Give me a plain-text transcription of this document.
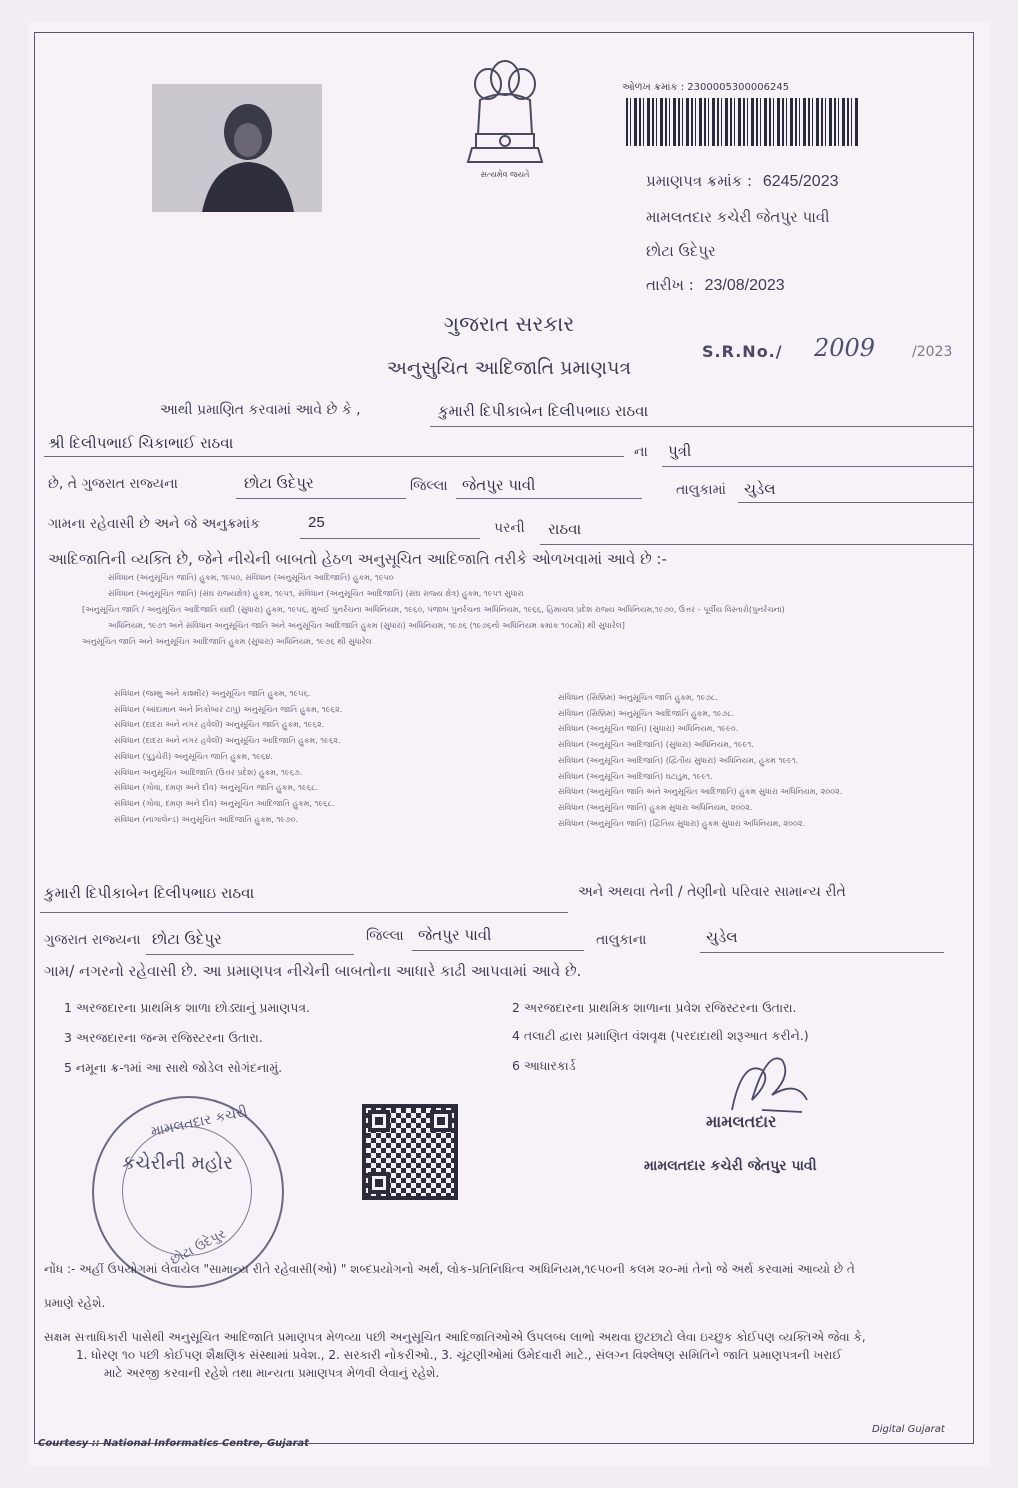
સત્યમેવ જયતે
ઓળખ ક્રમાંક : 2300005300006245
પ્રમાણપત્ર ક્રમાંક : 6245/2023
મામલતદાર કચેરી જેતપુર પાવી
છોટા ઉદેપુર
તારીખ : 23/08/2023
ગુજરાત સરકાર
અનુસુચિત આદિજાતિ પ્રમાણપત્ર
S.R.No./ 2009	/2023
આથી પ્રમાણિત કરવામાં આવે છે કે ,	કુમારી દિપીકાબેન દિલીપભાઇ રાઠવા
શ્રી દિલીપભાઈ ચિકાભાઈ રાઠવા	ના પુત્રી
છે, તે ગુજરાત રાજ્યના	છોટા ઉદેપુર	જિલ્લા જેતપુર પાવી	તાલુકામાં ચુડેલ
ગામના રહેવાસી છે અને જે અનુક્રમાંક	25	પરની રાઠવા
આદિજાતિની વ્યક્તિ છે, જેને નીચેની બાબતો હેઠળ અનુસૂચિત આદિજાતિ તરીકે ઓળખવામાં આવે છે :-
સંવિધાન (અનુસૂચિત જાતિ) હુકમ, ૧૯૫૦, સંવિધાન (અનુસૂચિત આદિજાતિ) હુકમ, ૧૯૫૦
સંવિધાન (અનુસૂચિત જાતિ) (સંઘ રાજ્યક્ષેત્ર) હુકમ, ૧૯૫૧, સંવિધાન (અનુસૂચિત આદિજાતિ) (સંઘ રાજ્ય ક્ષેત્ર) હુકમ, ૧૯૫૧ સુધારા
[અનુસૂચિત જાતિ / અનુસૂચિત આદિજાતિ યાદી (સુધારા) હુકમ, ૧૯૫૬, મુંબઈ પુનર્રચના અધિનિયમ, ૧૯૬૦, પંજાબ પુનર્રચના અધિનિયમ, ૧૯૬૬, હિમાચલ પ્રદેશ રાજ્ય અધિનિયમ,૧૯૭૦, ઉત્તર - પૂર્વીય વિસ્તારો(પુનર્રચના)
અધિનિયમ, ૧૯૭૧ અને સંવિધાન અનુસૂચિત જાતિ અને અનુસૂચિત આદિજાતિ હુકમ (સુધારા) અધિનિયમ, ૧૯૭૬ (૧૯૭૬નો અધિનિયમ ક્રમાંક ૧૦૮મો) થી સુધારેલ]
અનુસૂચિત જાતિ અને અનુસૂચિત આદિજાતિ હુકમ (સુધારા) અધિનિયમ, ૧૯૭૬ થી સુધારેલ
સંવિધાન (જમ્મુ અને કાશ્મીર) અનુસૂચિત જાતિ હુકમ, ૧૯૫૬.
સંવિધાન (આંદામાન અને નિકોબાર ટાપુ) અનુસૂચિત જાતિ હુકમ, ૧૯૬૨.
સંવિધાન (દાદરા અને નગર હવેલી) અનુસૂચિત જાતિ હુકમ, ૧૯૬૨.
સંવિધાન (દાદરા અને નગર હવેલી) અનુસૂચિત આદિજાતિ હુકમ, ૧૯૬૨.
સંવિધાન (પુડુચેરી) અનુસૂચિત જાતિ હુકમ, ૧૯૬૪.
સંવિધાન અનુસૂચિત આદિજાતિ (ઉત્તર પ્રદેશ) હુકમ, ૧૯૬૭.
સંવિધાન (ગોવા, દમણ અને દીવ) અનુસૂચિત જાતિ હુકમ, ૧૯૬૮.
સંવિધાન (ગોવા, દમણ અને દીવ) અનુસૂચિત આદિજાતિ હુકમ, ૧૯૬૮.
સંવિધાન (નાગાલેન્ડ) અનુસૂચિત આદિજાતિ હુકમ, ૧૯૭૦.
સંવિધાન (સિક્કિમ) અનુસૂચિત જાતિ હુકમ, ૧૯૭૮.
સંવિધાન (સિક્કિમ) અનુસૂચિત આદિજાતિ હુકમ, ૧૯૭૮.
સંવિધાન (અનુસૂચિત જાતિ) (સુધારા) અધિનિયમ, ૧૯૯૦.
સંવિધાન (અનુસૂચિત આદિજાતિ) (સુધારા) અધિનિયમ, ૧૯૯૧.
સંવિધાન (અનુસૂચિત આદિજાતિ) (દ્વિતીય સુધારા) અધિનિયમ, હુકમ ૧૯૯૧.
સંવિધાન (અનુસૂચિત આદિજાતિ) ઘટાડુમ, ૧૯૯૧.
સંવિધાન (અનુસૂચિત જાતિ અને અનુસૂચિત આદિજાતિ) હુકમ સુધારા અધિનિયમ, ૨૦૦૨.
સંવિધાન (અનુસૂચિત જાતિ) હુકમ સુધારા અધિનિયમ, ૨૦૦૨.
સંવિધાન (અનુસૂચિત જાતિ) (દ્વિતિય સુધારા) હુકમ સુધારા અધિનિયમ, ૨૦૦૨.
કુમારી દિપીકાબેન દિલીપભાઇ રાઠવા	અને અથવા તેની / તેણીનો પરિવાર સામાન્ય રીતે
ગુજરાત રાજ્યના છોટા ઉદેપુર	જિલ્લા જેતપુર પાવી	તાલુકાના	ચુડેલ
ગામ/ નગરનો રહેવાસી છે. આ પ્રમાણપત્ર નીચેની બાબતોના આધારે કાઢી આપવામાં આવે છે.
1 અરજદારના પ્રાથમિક શાળા છોડ્યાનું પ્રમાણપત્ર.	2 અરજદારના પ્રાથમિક શાળાના પ્રવેશ રજિસ્ટરના ઉતારા.
3 અરજદારના જન્મ રજિસ્ટરના ઉતારા.	4 તલાટી દ્વારા પ્રમાણિત વંશવૃક્ષ (પરદાદાથી શરૂઆત કરીને.)
5 નમૂના ક્ર-૧માં આ સાથે જોડેલ સોગંદનામું.	6 આધારકાર્ડ
મામલતદાર કચેરી
કચેરીની મહોર
છોટા ઉદેપુર
મામલતદાર
મામલતદાર કચેરી જેતપુર પાવી
નોંધ :- અહીં ઉપયોગમાં લેવાયેલ "સામાન્ય રીતે રહેવાસી(ઓ) " શબ્દપ્રયોગનો અર્થ, લોક-પ્રતિનિધિત્વ અધિનિયમ,૧૯૫૦ની કલમ ૨૦-માં તેનો જે અર્થ કરવામાં આવ્યો છે તે
પ્રમાણે રહેશે.
સક્ષમ સત્તાધિકારી પાસેથી અનુસૂચિત આદિજાતિ પ્રમાણપત્ર મેળવ્યા પછી અનુસૂચિત આદિજાતિઓએ ઉપલબ્ધ લાભો અથવા છુટછાટો લેવા ઇચ્છુક કોઈપણ વ્યક્તિએ જેવા કે,
1. ધોરણ ૧૦ પછી કોઈપણ શૈક્ષણિક સંસ્થામાં પ્રવેશ., 2. સરકારી નોકરીઓ., 3. ચૂંટણીઓમાં ઉમેદવારી માટે., સંલગ્ન વિશ્લેષણ સમિતિને જાતિ પ્રમાણપત્રની ખરાઈ
માટે અરજી કરવાની રહેશે તથા માન્યતા પ્રમાણપત્ર મેળવી લેવાનું રહેશે.
Courtesy :: National Informatics Centre, Gujarat
Digital Gujarat
